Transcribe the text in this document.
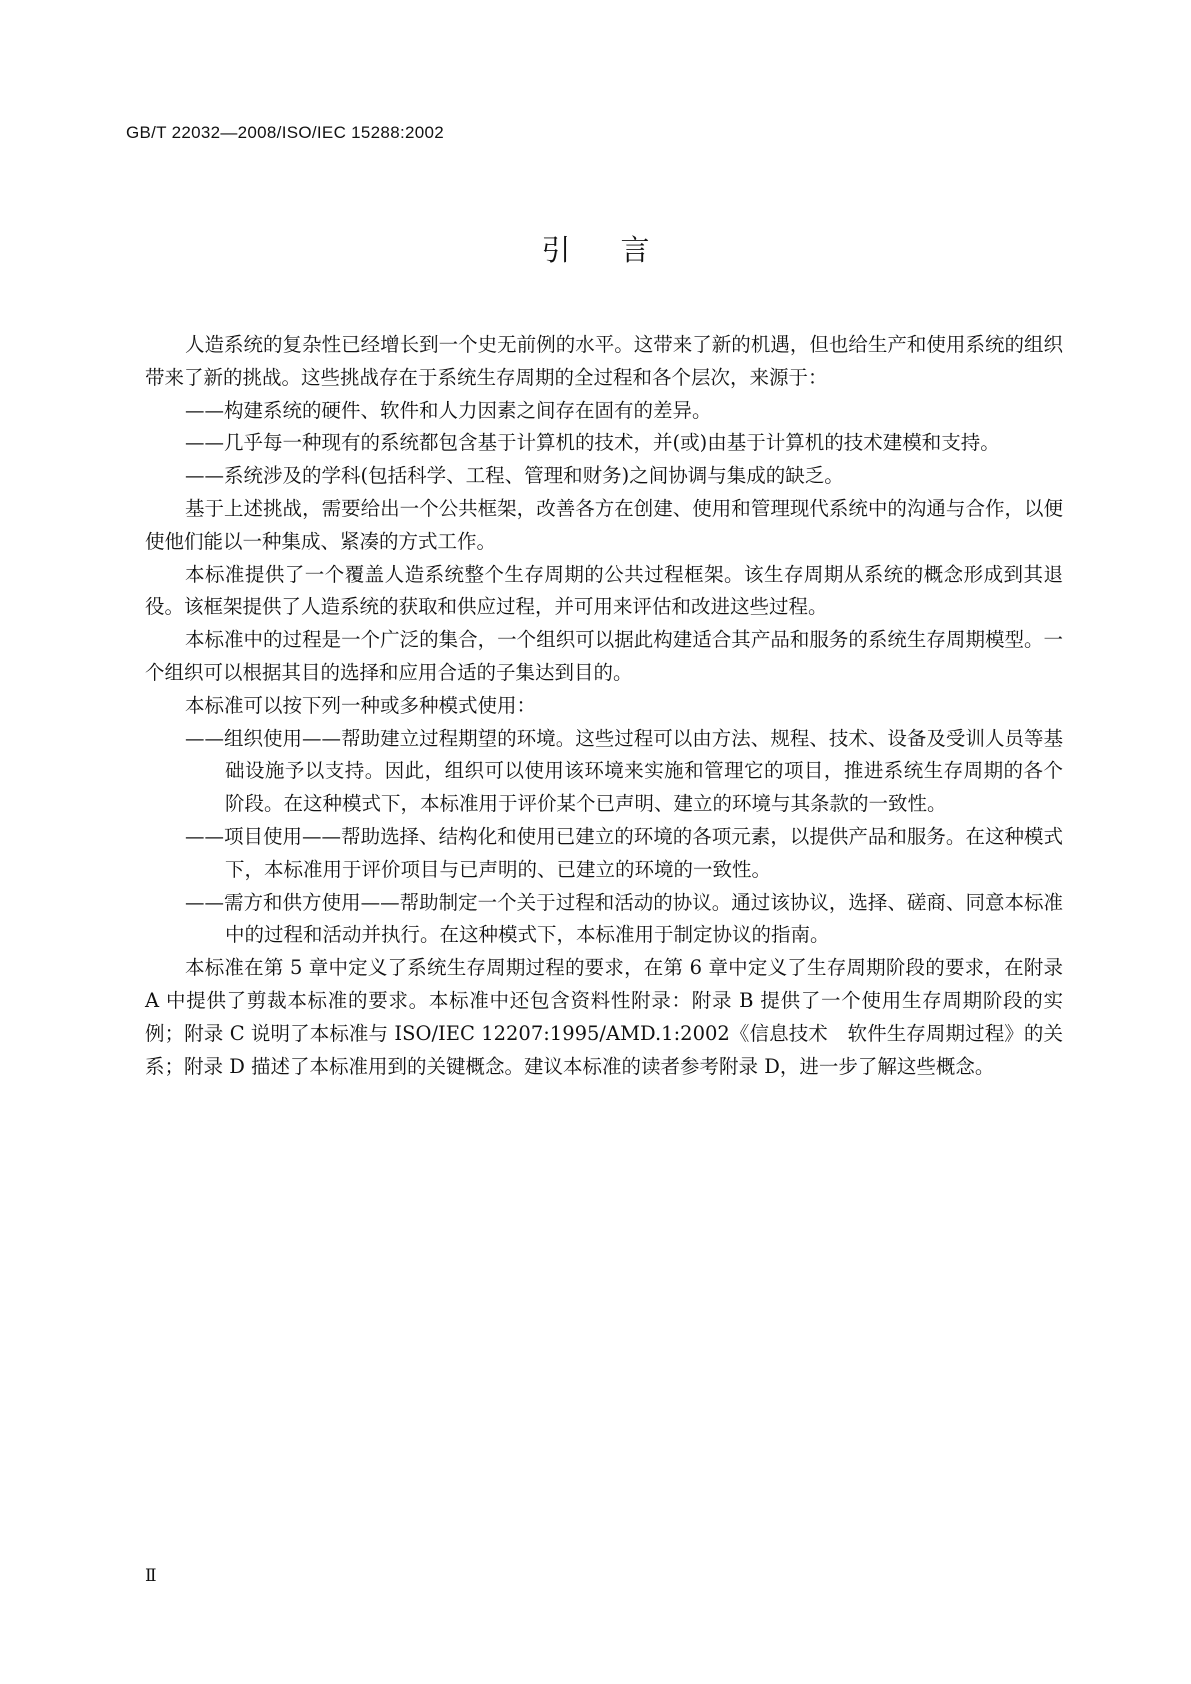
GB/T 22032—2008/ISO/IEC 15288:2002
引言

人造系统的复杂性已经增长到一个史无前例的水平。这带来了新的机遇，但也给生产和使用系统的组织带来了新的挑战。这些挑战存在于系统生存周期的全过程和各个层次，来源于：

——构建系统的硬件、软件和人力因素之间存在固有的差异。

——几乎每一种现有的系统都包含基于计算机的技术，并(或)由基于计算机的技术建模和支持。

——系统涉及的学科(包括科学、工程、管理和财务)之间协调与集成的缺乏。

基于上述挑战，需要给出一个公共框架，改善各方在创建、使用和管理现代系统中的沟通与合作，以便使他们能以一种集成、紧凑的方式工作。

本标准提供了一个覆盖人造系统整个生存周期的公共过程框架。该生存周期从系统的概念形成到其退役。该框架提供了人造系统的获取和供应过程，并可用来评估和改进这些过程。

本标准中的过程是一个广泛的集合，一个组织可以据此构建适合其产品和服务的系统生存周期模型。一个组织可以根据其目的选择和应用合适的子集达到目的。

本标准可以按下列一种或多种模式使用：

——组织使用——帮助建立过程期望的环境。这些过程可以由方法、规程、技术、设备及受训人员等基础设施予以支持。因此，组织可以使用该环境来实施和管理它的项目，推进系统生存周期的各个阶段。在这种模式下，本标准用于评价某个已声明、建立的环境与其条款的一致性。

——项目使用——帮助选择、结构化和使用已建立的环境的各项元素，以提供产品和服务。在这种模式下，本标准用于评价项目与已声明的、已建立的环境的一致性。

——需方和供方使用——帮助制定一个关于过程和活动的协议。通过该协议，选择、磋商、同意本标准中的过程和活动并执行。在这种模式下，本标准用于制定协议的指南。

本标准在第 5 章中定义了系统生存周期过程的要求，在第 6 章中定义了生存周期阶段的要求，在附录 A 中提供了剪裁本标准的要求。本标准中还包含资料性附录：附录 B 提供了一个使用生存周期阶段的实例；附录 C 说明了本标准与 ISO/IEC 12207:1995/AMD.1:2002《信息技术　软件生存周期过程》的关系；附录 D 描述了本标准用到的关键概念。建议本标准的读者参考附录 D，进一步了解这些概念。

Ⅱ
